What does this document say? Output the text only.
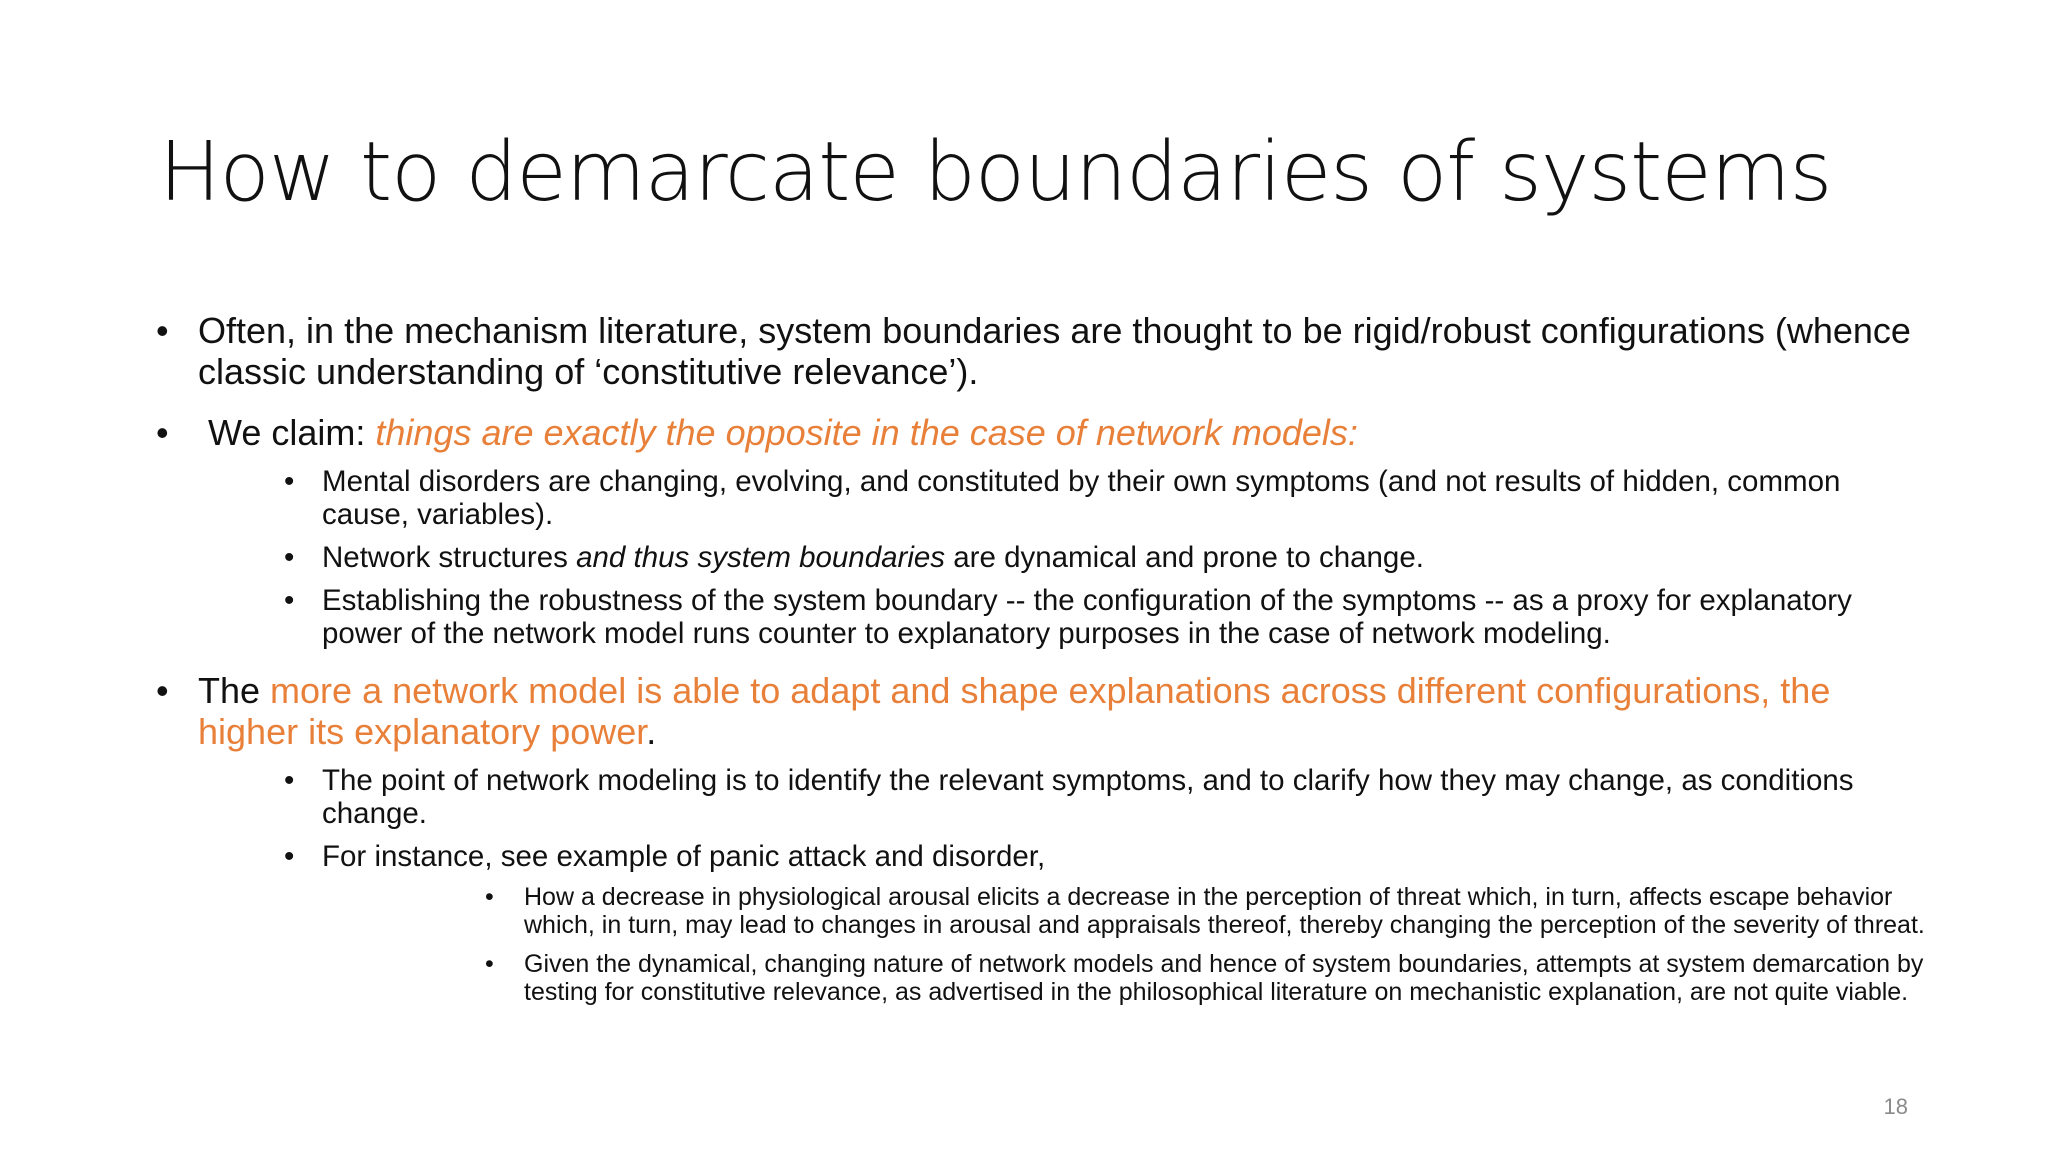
How to demarcate boundaries of systems
• Often, in the mechanism literature, system boundaries are thought to be rigid/robust configurations (whence classic understanding of ‘constitutive relevance’).
• We claim: things are exactly the opposite in the case of network models:
• Mental disorders are changing, evolving, and constituted by their own symptoms (and not results of hidden, common cause, variables).
• Network structures and thus system boundaries are dynamical and prone to change.
• Establishing the robustness of the system boundary -- the configuration of the symptoms -- as a proxy for explanatory power of the network model runs counter to explanatory purposes in the case of network modeling.
• The more a network model is able to adapt and shape explanations across different configurations, the higher its explanatory power.
• The point of network modeling is to identify the relevant symptoms, and to clarify how they may change, as conditions change.
• For instance, see example of panic attack and disorder,
• How a decrease in physiological arousal elicits a decrease in the perception of threat which, in turn, affects escape behavior which, in turn, may lead to changes in arousal and appraisals thereof, thereby changing the perception of the severity of threat.
• Given the dynamical, changing nature of network models and hence of system boundaries, attempts at system demarcation by testing for constitutive relevance, as advertised in the philosophical literature on mechanistic explanation, are not quite viable.
18
